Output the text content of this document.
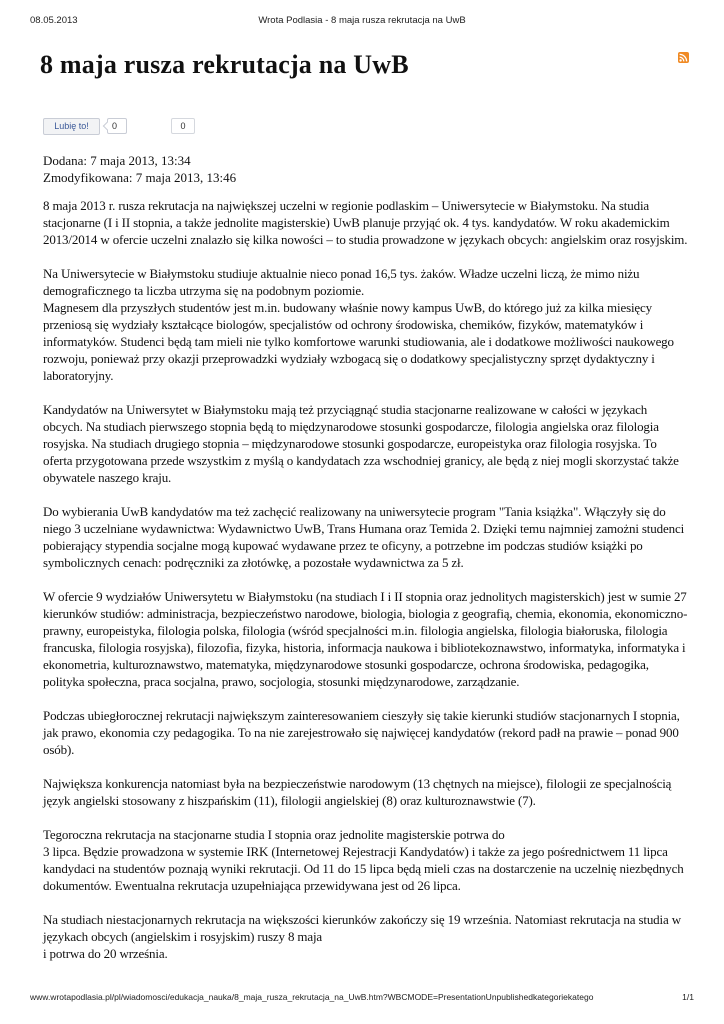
08.05.2013	Wrota Podlasia - 8 maja rusza rekrutacja na UwB
8 maja rusza rekrutacja na UwB
Lubię to!	0	0
Dodana: 7 maja 2013, 13:34
Zmodyfikowana: 7 maja 2013, 13:46

8 maja 2013 r. rusza rekrutacja na największej uczelni w regionie podlaskim – Uniwersytecie w Białymstoku. Na studia stacjonarne (I i II stopnia, a także jednolite magisterskie) UwB planuje przyjąć ok. 4 tys. kandydatów. W roku akademickim 2013/2014 w ofercie uczelni znalazło się kilka nowości – to studia prowadzone w językach obcych: angielskim oraz rosyjskim.

Na Uniwersytecie w Białymstoku studiuje aktualnie nieco ponad 16,5 tys. żaków. Władze uczelni liczą, że mimo niżu demograficznego ta liczba utrzyma się na podobnym poziomie.
Magnesem dla przyszłych studentów jest m.in. budowany właśnie nowy kampus UwB, do którego już za kilka miesięcy przeniosą się wydziały kształcące biologów, specjalistów od ochrony środowiska, chemików, fizyków, matematyków i informatyków. Studenci będą tam mieli nie tylko komfortowe warunki studiowania, ale i dodatkowe możliwości naukowego rozwoju, ponieważ przy okazji przeprowadzki wydziały wzbogacą się o dodatkowy specjalistyczny sprzęt dydaktyczny i laboratoryjny.

Kandydatów na Uniwersytet w Białymstoku mają też przyciągnąć studia stacjonarne realizowane w całości w językach obcych. Na studiach pierwszego stopnia będą to międzynarodowe stosunki gospodarcze, filologia angielska oraz filologia rosyjska. Na studiach drugiego stopnia – międzynarodowe stosunki gospodarcze, europeistyka oraz filologia rosyjska. To oferta przygotowana przede wszystkim z myślą o kandydatach zza wschodniej granicy, ale będą z niej mogli skorzystać także obywatele naszego kraju.

Do wybierania UwB kandydatów ma też zachęcić realizowany na uniwersytecie program "Tania książka". Włączyły się do niego 3 uczelniane wydawnictwa: Wydawnictwo UwB, Trans Humana oraz Temida 2. Dzięki temu najmniej zamożni studenci pobierający stypendia socjalne mogą kupować wydawane przez te oficyny, a potrzebne im podczas studiów książki po symbolicznych cenach: podręczniki za złotówkę, a pozostałe wydawnictwa za 5 zł.

W ofercie 9 wydziałów Uniwersytetu w Białymstoku (na studiach I i II stopnia oraz jednolitych magisterskich) jest w sumie 27 kierunków studiów: administracja, bezpieczeństwo narodowe, biologia, biologia z geografią, chemia, ekonomia, ekonomiczno-prawny, europeistyka, filologia polska, filologia (wśród specjalności m.in. filologia angielska, filologia białoruska, filologia francuska, filologia rosyjska), filozofia, fizyka, historia, informacja naukowa i bibliotekoznawstwo, informatyka, informatyka i ekonometria, kulturoznawstwo, matematyka, międzynarodowe stosunki gospodarcze, ochrona środowiska, pedagogika, polityka społeczna, praca socjalna, prawo, socjologia, stosunki międzynarodowe, zarządzanie.

Podczas ubiegłorocznej rekrutacji największym zainteresowaniem cieszyły się takie kierunki studiów stacjonarnych I stopnia, jak prawo, ekonomia czy pedagogika. To na nie zarejestrowało się najwięcej kandydatów (rekord padł na prawie – ponad 900 osób).

Największa konkurencja natomiast była na bezpieczeństwie narodowym (13 chętnych na miejsce), filologii ze specjalnością język angielski stosowany z hiszpańskim (11), filologii angielskiej (8) oraz kulturoznawstwie (7).

Tegoroczna rekrutacja na stacjonarne studia I stopnia oraz jednolite magisterskie potrwa do
3 lipca. Będzie prowadzona w systemie IRK (Internetowej Rejestracji Kandydatów) i także za jego pośrednictwem 11 lipca kandydaci na studentów poznają wyniki rekrutacji. Od 11 do 15 lipca będą mieli czas na dostarczenie na uczelnię niezbędnych dokumentów. Ewentualna rekrutacja uzupełniająca przewidywana jest od 26 lipca.

Na studiach niestacjonarnych rekrutacja na większości kierunków zakończy się 19 września. Natomiast rekrutacja na studia w językach obcych (angielskim i rosyjskim) ruszy 8 maja
i potrwa do 20 września.

www.wrotapodlasia.pl/pl/wiadomosci/edukacja_nauka/8_maja_rusza_rekrutacja_na_UwB.htm?WBCMODE=PresentationUnpublishedkategoriekatego	1/1
